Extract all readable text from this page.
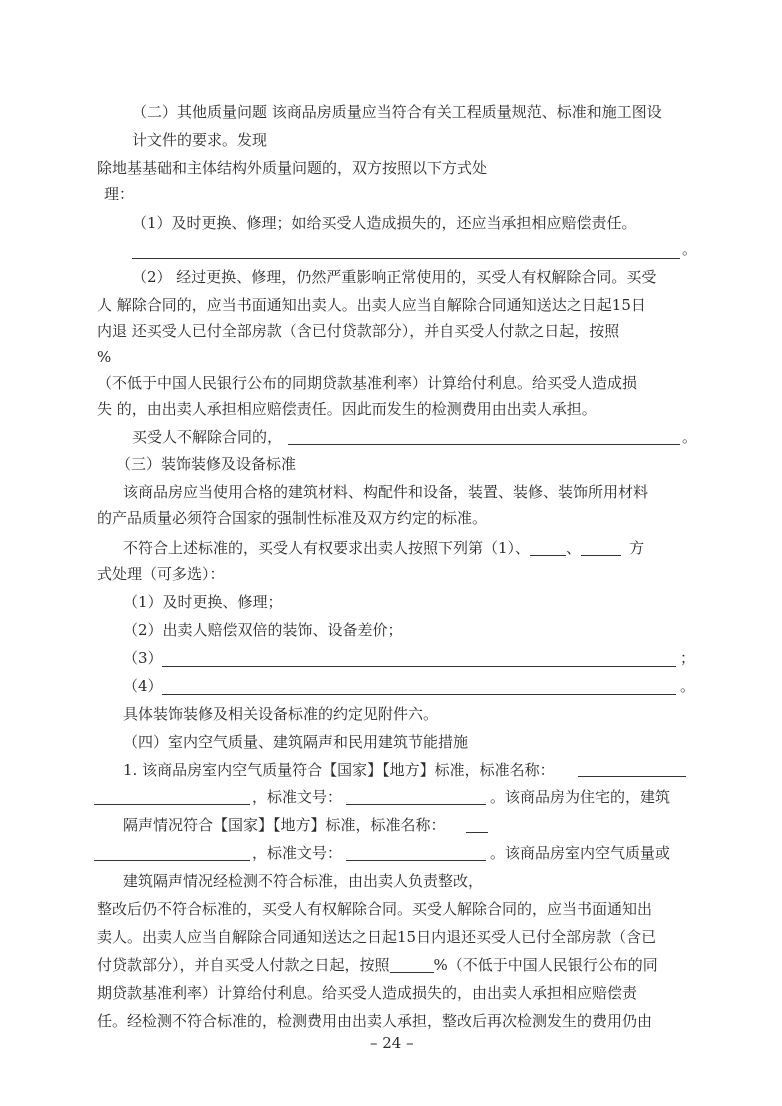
（二）其他质量问题 该商品房质量应当符合有关工程质量规范、标准和施工图设
计文件的要求。发现
除地基基础和主体结构外质量问题的，双方按照以下方式处
理：
（1）及时更换、修理；如给买受人造成损失的，还应当承担相应赔偿责任。
。
（2） 经过更换、修理，仍然严重影响正常使用的，买受人有权解除合同。买受
人 解除合同的，应当书面通知出卖人。出卖人应当自解除合同通知送达之日起15日
内退 还买受人已付全部房款（含已付贷款部分），并自买受人付款之日起，按照
%
（不低于中国人民银行公布的同期贷款基准利率）计算给付利息。给买受人造成损
失 的，由出卖人承担相应赔偿责任。因此而发生的检测费用由出卖人承担。
买受人不解除合同的，	。
（三）装饰装修及设备标准
该商品房应当使用合格的建筑材料、构配件和设备，装置、装修、装饰所用材料
的产品质量必须符合国家的强制性标准及双方约定的标准。
不符合上述标准的，买受人有权要求出卖人按照下列第（1）、 、	方
式处理（可多选）：
（1）及时更换、修理；
（2）出卖人赔偿双倍的装饰、设备差价；
（3）	；
（4）	。
具体装饰装修及相关设备标准的约定见附件六。
（四）室内空气质量、建筑隔声和民用建筑节能措施
1. 该商品房室内空气质量符合【国家】【地方】标准，标准名称：
，标准文号：	。该商品房为住宅的，建筑
隔声情况符合【国家】【地方】标准，标准名称：
，标准文号：	。该商品房室内空气质量或
建筑隔声情况经检测不符合标准，由出卖人负责整改，
整改后仍不符合标准的，买受人有权解除合同。买受人解除合同的，应当书面通知出
卖人。出卖人应当自解除合同通知送达之日起15日内退还买受人已付全部房款（含已
付贷款部分），并自买受人付款之日起，按照	%（不低于中国人民银行公布的同
期贷款基准利率）计算给付利息。给买受人造成损失的，由出卖人承担相应赔偿责
任。经检测不符合标准的，检测费用由出卖人承担，整改后再次检测发生的费用仍由
– 24 –
